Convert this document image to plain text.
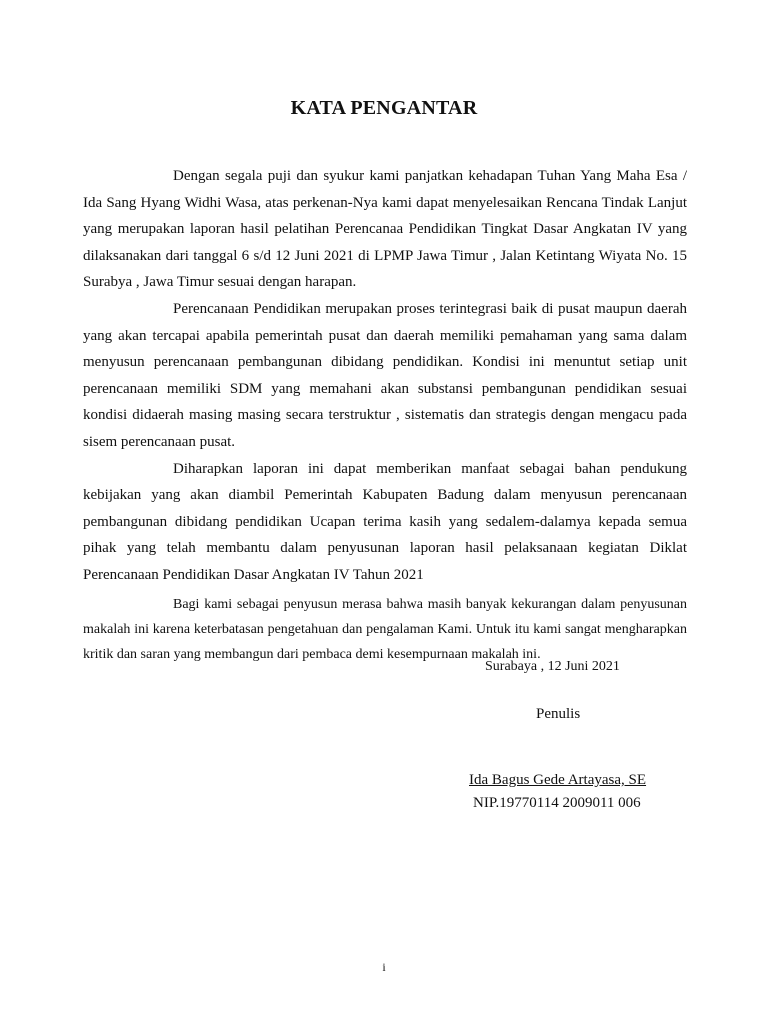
KATA PENGANTAR

Dengan segala puji dan syukur kami panjatkan kehadapan Tuhan Yang Maha Esa / Ida Sang Hyang Widhi Wasa, atas perkenan-Nya kami dapat menyelesaikan Rencana Tindak Lanjut yang merupakan laporan hasil pelatihan Perencanaa Pendidikan Tingkat Dasar Angkatan IV yang dilaksanakan dari tanggal 6 s/d 12 Juni 2021 di LPMP Jawa Timur , Jalan Ketintang Wiyata No. 15 Surabya , Jawa Timur sesuai dengan harapan.

Perencanaan Pendidikan merupakan proses terintegrasi baik di pusat maupun daerah yang akan tercapai apabila pemerintah pusat dan daerah memiliki pemahaman yang sama dalam menyusun perencanaan pembangunan dibidang pendidikan. Kondisi ini menuntut setiap unit perencanaan memiliki SDM yang memahani akan substansi pembangunan pendidikan sesuai kondisi didaerah masing masing secara terstruktur , sistematis dan strategis dengan mengacu pada sisem perencanaan pusat.

Diharapkan laporan ini dapat memberikan manfaat sebagai bahan pendukung kebijakan yang akan diambil Pemerintah Kabupaten Badung dalam menyusun perencanaan pembangunan dibidang pendidikan Ucapan terima kasih yang sedalem-dalamya kepada semua pihak yang telah membantu dalam penyusunan laporan hasil pelaksanaan kegiatan Diklat Perencanaan Pendidikan Dasar Angkatan IV Tahun 2021

Bagi kami sebagai penyusun merasa bahwa masih banyak kekurangan dalam penyusunan makalah ini karena keterbatasan pengetahuan dan pengalaman Kami. Untuk itu kami sangat mengharapkan kritik dan saran yang membangun dari pembaca demi kesempurnaan makalah ini.

Surabaya , 12 Juni 2021
Penulis
Ida Bagus Gede Artayasa, SE
NIP.19770114 2009011 006
i
